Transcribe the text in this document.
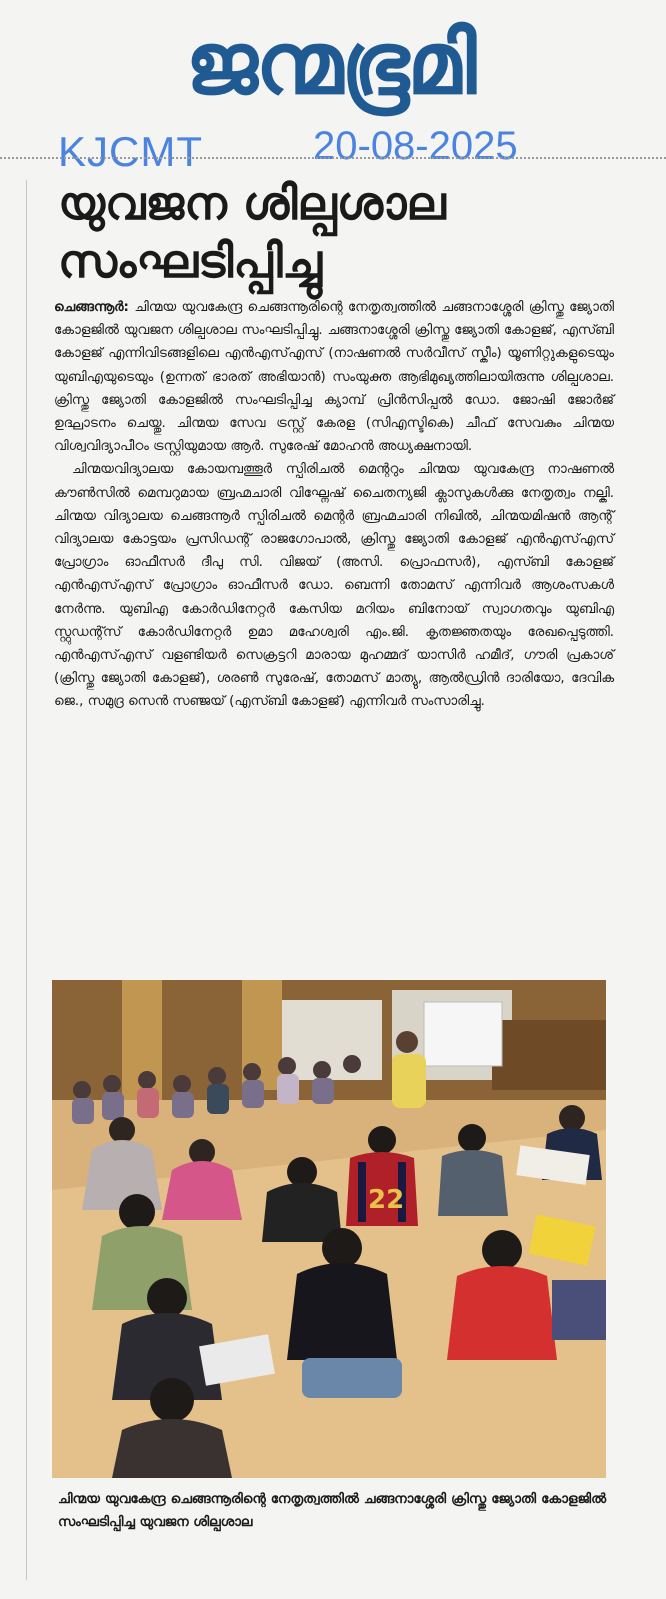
ജന്മഭൂമി
KJCMT	20-08-2025
യുവജന ശില്പശാല
സംഘടിപ്പിച്ചു

ചെങ്ങന്നൂർ: ചിന്മയ യുവകേന്ദ്ര ചെങ്ങന്നൂരിന്റെ നേതൃത്വത്തിൽ ചങ്ങനാശ്ശേരി ക്രിസ്തു ജ്യോതി കോളജിൽ യുവജന ശില്പശാല സംഘടിപ്പിച്ചു. ചങ്ങനാശ്ശേരി ക്രിസ്തു ജ്യോതി കോളജ്, എസ്ബി കോളജ് എന്നിവിടങ്ങളിലെ എൻഎസ്എസ് (നാഷണൽ സർവീസ് സ്കീം) യൂണിറ്റുകളുടെയും യുബിഎയുടെയും (ഉന്നത് ഭാരത് അഭിയാൻ) സംയുക്ത ആഭിമുഖ്യത്തിലായിരുന്നു ശില്പശാല. ക്രിസ്തു ജ്യോതി കോളജിൽ സംഘടിപ്പിച്ച ക്യാമ്പ് പ്രിൻസിപ്പൽ ഡോ. ജോഷി ജോർജ് ഉദ്ഘാടനം ചെയ്തു. ചിന്മയ സേവ ട്രസ്റ്റ് കേരള (സിഎസ്ടികെ) ചീഫ് സേവകും ചിന്മയ വിശ്വവിദ്യാപീഠം ട്രസ്റ്റിയുമായ ആർ. സുരേഷ് മോഹൻ അധ്യക്ഷനായി.

ചിന്മയവിദ്യാലയ കോയമ്പത്തൂർ സ്പിരിചൽ മെന്ററും ചിന്മയ യുവകേന്ദ്ര നാഷണൽ കൗൺസിൽ മെമ്പറുമായ ബ്രഹ്മചാരി വിഘ്നേഷ് ചൈതന്യജി ക്ലാസുകൾക്കു നേതൃത്വം നല്കി. ചിന്മയ വിദ്യാലയ ചെങ്ങന്നൂർ സ്പിരിചൽ മെന്റർ ബ്രഹ്മചാരി നിഖിൽ, ചിന്മയമിഷൻ ആന്റ് വിദ്യാലയ കോട്ടയം പ്രസിഡന്റ് രാജഗോപാൽ, ക്രിസ്തു ജ്യോതി കോളജ് എൻഎസ്എസ് പ്രോഗ്രാം ഓഫീസർ ദീപു സി. വിജയ് (അസി. പ്രൊഫസർ), എസ്ബി കോളജ് എൻഎസ്എസ് പ്രോഗ്രാം ഓഫീസർ ഡോ. ബെന്നി തോമസ് എന്നിവർ ആശംസകൾ നേർന്നു. യുബിഎ കോർഡിനേറ്റർ കേസിയ മറിയം ബിനോയ് സ്വാഗതവും യുബിഎ സ്റ്റുഡന്റ്സ് കോർഡിനേറ്റർ ഉമാ മഹേശ്വരി എം.ജി. കൃതജ്ഞതയും രേഖപ്പെടുത്തി. എൻഎസ്എസ് വളണ്ടിയർ സെക്രട്ടറി മാരായ മുഹമ്മദ് യാസിർ ഹമീദ്, ഗൗരി പ്രകാശ് (ക്രിസ്തു ജ്യോതി കോളജ്), ശരൺ സുരേഷ്, തോമസ് മാത്യു, ആൽഡ്രിൻ ദാരിയോ, ദേവിക ജെ., സമുദ്ര സെൻ സഞ്ജയ് (എസ്ബി കോളജ്) എന്നിവർ സംസാരിച്ചു.

22
ചിന്മയ യുവകേന്ദ്ര ചെങ്ങന്നൂരിന്റെ നേതൃത്വത്തിൽ ചങ്ങനാശ്ശേരി ക്രിസ്തു ജ്യോതി കോളജിൽ സംഘടിപ്പിച്ച യുവജന ശില്പശാല
